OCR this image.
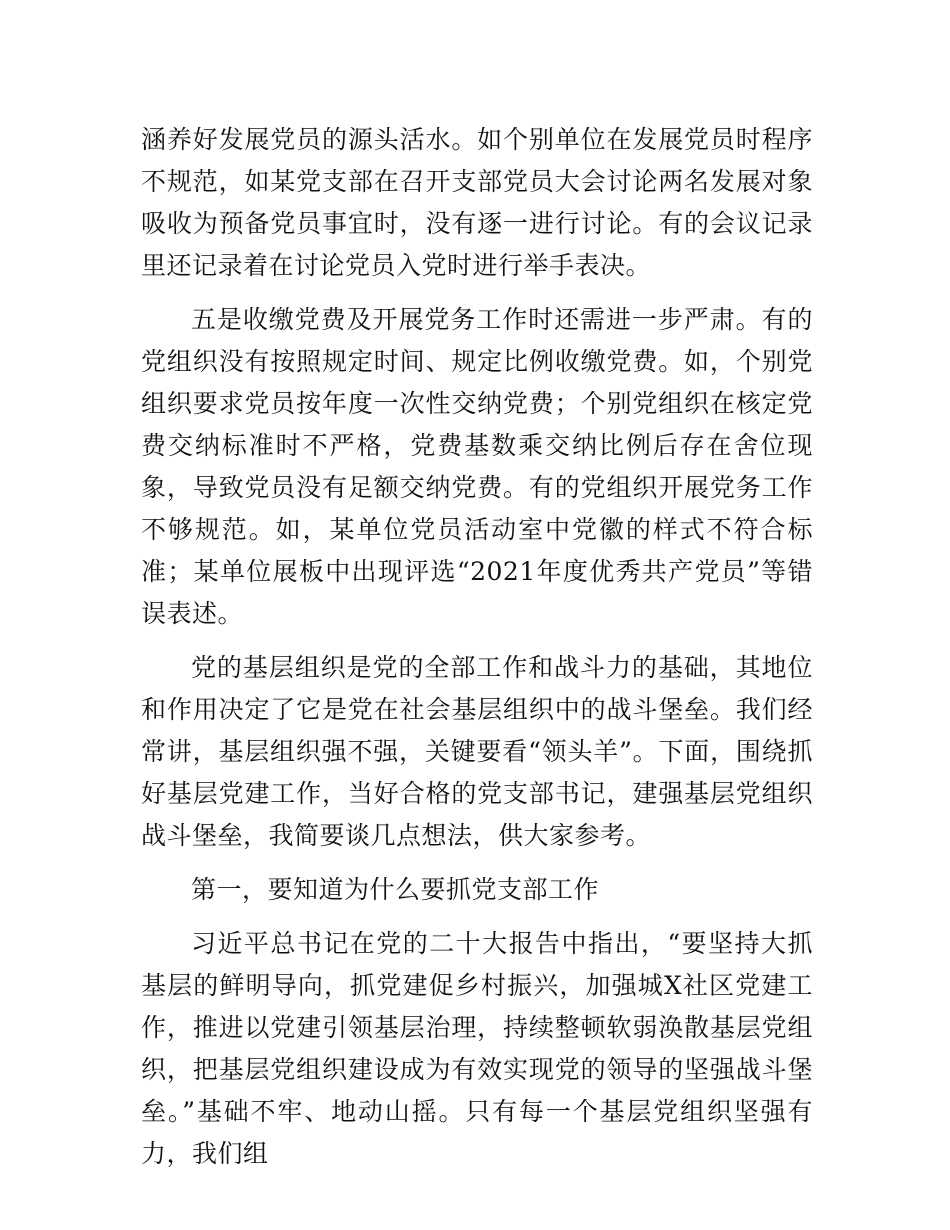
涵养好发展党员的源头活水。如个别单位在发展党员时程序不规范，如某党支部在召开支部党员大会讨论两名发展对象吸收为预备党员事宜时，没有逐一进行讨论。有的会议记录里还记录着在讨论党员入党时进行举手表决。

五是收缴党费及开展党务工作时还需进一步严肃。有的党组织没有按照规定时间、规定比例收缴党费。如，个别党组织要求党员按年度一次性交纳党费；个别党组织在核定党费交纳标准时不严格，党费基数乘交纳比例后存在舍位现象，导致党员没有足额交纳党费。有的党组织开展党务工作不够规范。如，某单位党员活动室中党徽的样式不符合标准；某单位展板中出现评选“2021年度优秀共产党员”等错误表述。

党的基层组织是党的全部工作和战斗力的基础，其地位和作用决定了它是党在社会基层组织中的战斗堡垒。我们经常讲，基层组织强不强，关键要看“领头羊”。下面，围绕抓好基层党建工作，当好合格的党支部书记，建强基层党组织战斗堡垒，我简要谈几点想法，供大家参考。

第一，要知道为什么要抓党支部工作

习近平总书记在党的二十大报告中指出，“要坚持大抓基层的鲜明导向，抓党建促乡村振兴，加强城X社区党建工作，推进以党建引领基层治理，持续整顿软弱涣散基层党组织，把基层党组织建设成为有效实现党的领导的坚强战斗堡垒。”基础不牢、地动山摇。只有每一个基层党组织坚强有力，我们组
